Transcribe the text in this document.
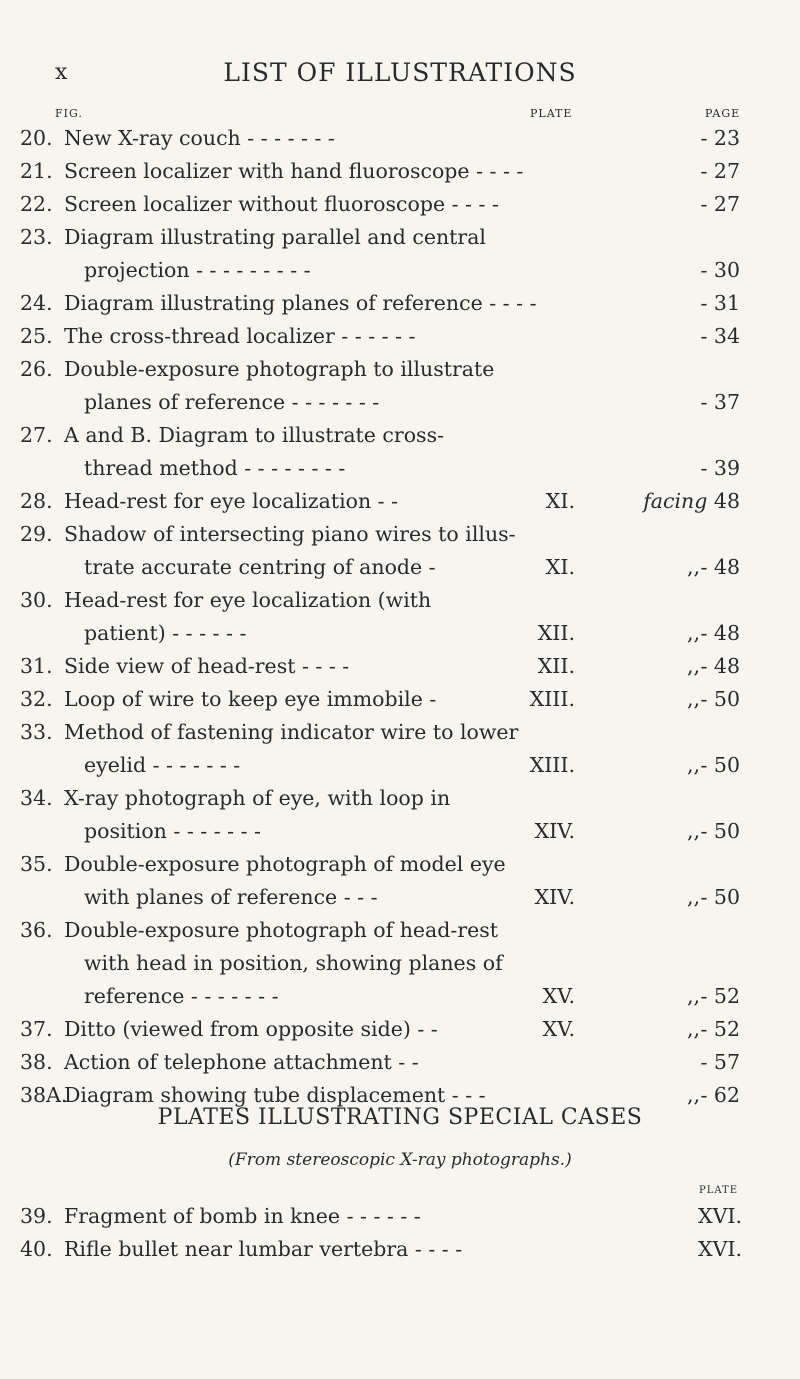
x	LIST OF ILLUSTRATIONS
FIG.	PLATE	PAGE
20. New X-ray couch - - - - - - -	- 23
21. Screen localizer with hand fluoroscope - - - -	- 27
22. Screen localizer without fluoroscope - - - -	- 27
23. Diagram illustrating parallel and central
projection - - - - - - - - -	- 30
24. Diagram illustrating planes of reference - - - -	- 31
25. The cross-thread localizer - - - - - -	- 34
26. Double-exposure photograph to illustrate
planes of reference - - - - - - -	- 37
27. A and B. Diagram to illustrate cross-
thread method - - - - - - - -	- 39
28. Head-rest for eye localization - -	XI.	facing 48
29. Shadow of intersecting piano wires to illus-
trate accurate centring of anode -	XI.	,, - 48
30. Head-rest for eye localization (with
patient) - - - - - -	XII.	,, - 48
31. Side view of head-rest - - - -	XII.	,, - 48
32. Loop of wire to keep eye immobile -	XIII.	,, - 50
33. Method of fastening indicator wire to lower
eyelid - - - - - - -	XIII.	,, - 50
34. X-ray photograph of eye, with loop in
position - - - - - - -	XIV.	,, - 50
35. Double-exposure photograph of model eye
with planes of reference - - -	XIV.	,, - 50
36. Double-exposure photograph of head-rest
with head in position, showing planes of
reference - - - - - - -	XV.	,, - 52
37. Ditto (viewed from opposite side) - -	XV.	,, - 52
38. Action of telephone attachment - -	- 57
38A.
Diagram showing tube displacement - - -	,, - 62
PLATES ILLUSTRATING SPECIAL CASES
(From stereoscopic X-ray photographs.)
PLATE
39. Fragment of bomb in knee - - - - - -	XVI.
40. Rifle bullet near lumbar vertebra - - - -	XVI.
